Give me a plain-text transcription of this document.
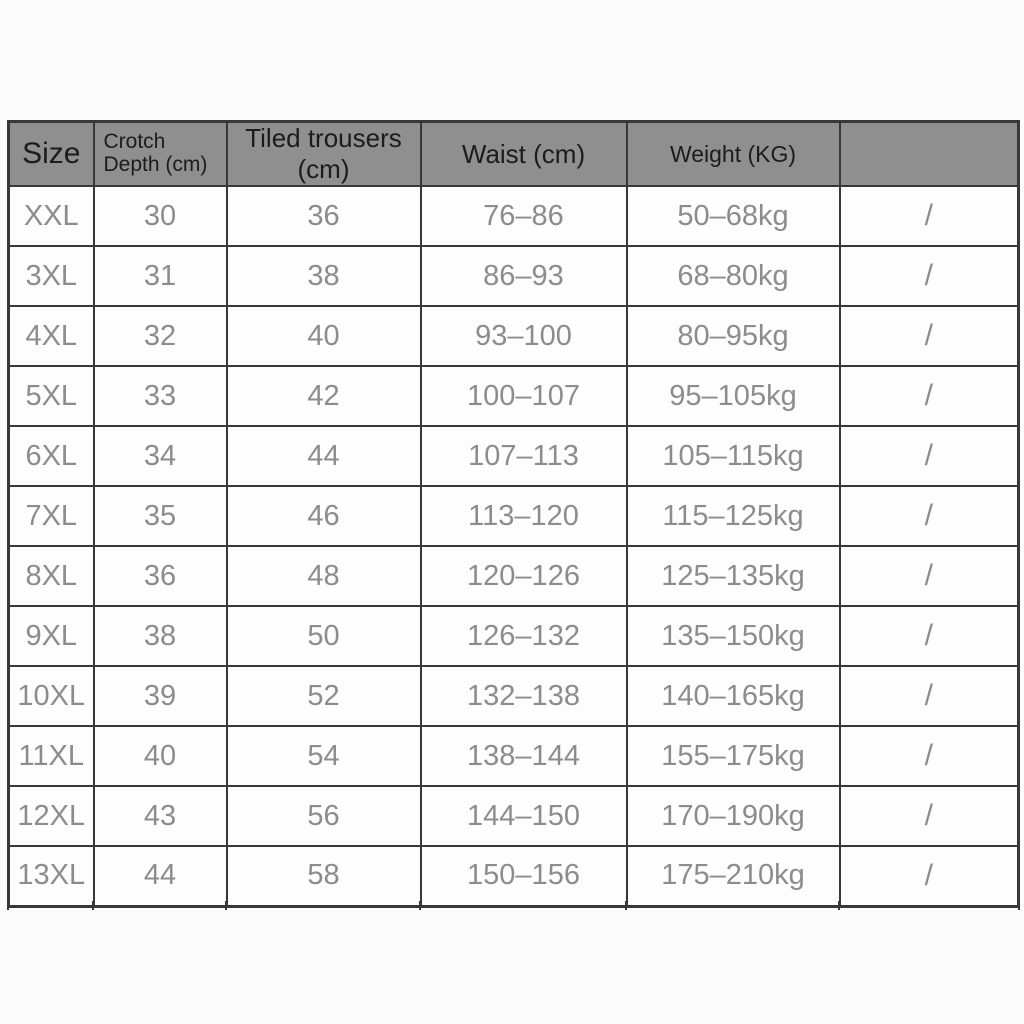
Size	Crotch Depth (cm)	Tiled trousers (cm)	Waist (cm)	Weight (KG)	
XXL	30	36	76–86	50–68kg	/
3XL	31	38	86–93	68–80kg	/
4XL	32	40	93–100	80–95kg	/
5XL	33	42	100–107	95–105kg	/
6XL	34	44	107–113	105–115kg	/
7XL	35	46	113–120	115–125kg	/
8XL	36	48	120–126	125–135kg	/
9XL	38	50	126–132	135–150kg	/
10XL	39	52	132–138	140–165kg	/
11XL	40	54	138–144	155–175kg	/
12XL	43	56	144–150	170–190kg	/
13XL	44	58	150–156	175–210kg	/
